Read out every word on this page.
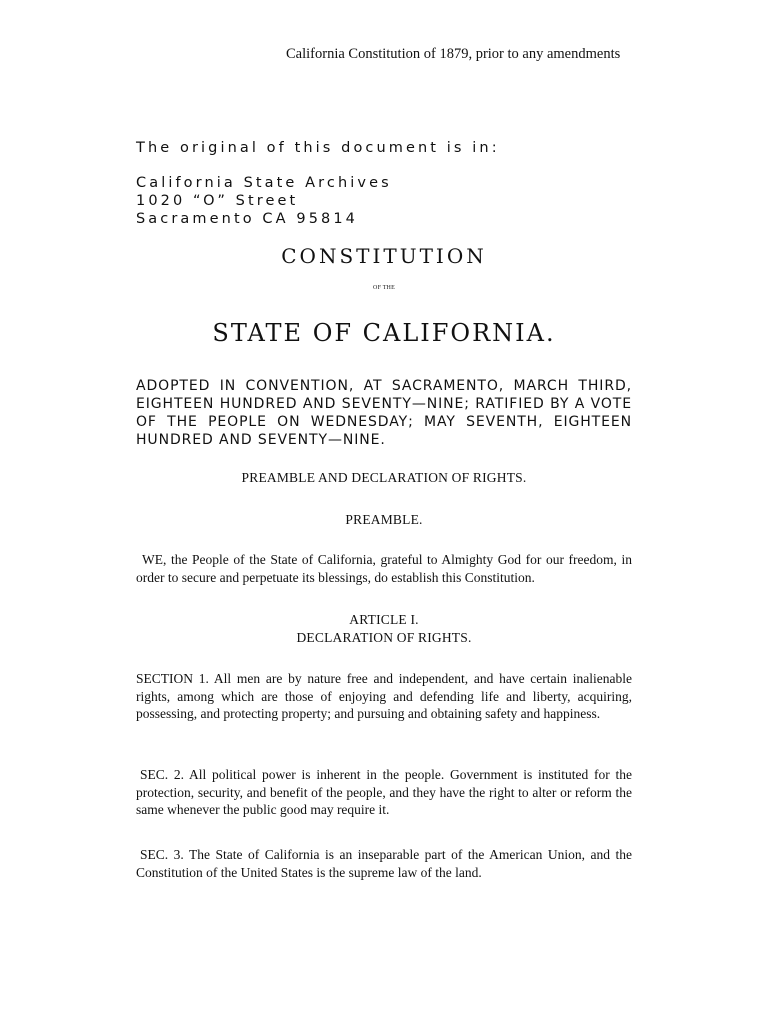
California Constitution of 1879, prior to any amendments
The original of this document is in:
California State Archives
1020 “O” Street
Sacramento CA 95814
CONSTITUTION
OF THE
STATE OF CALIFORNIA.
ADOPTED IN CONVENTION, AT SACRAMENTO, MARCH THIRD, EIGHTEEN HUNDRED AND SEVENTY—NINE; RATIFIED BY A VOTE OF THE PEOPLE ON WEDNESDAY; MAY SEVENTH, EIGHTEEN HUNDRED AND SEVENTY—NINE.
PREAMBLE AND DECLARATION OF RIGHTS.
PREAMBLE.
WE, the People of the State of California, grateful to Almighty God for our freedom, in order to secure and perpetuate its blessings, do establish this Constitution.
ARTICLE I.
DECLARATION OF RIGHTS.
SECTION 1. All men are by nature free and independent, and have certain inalienable rights, among which are those of enjoying and defending life and liberty, acquiring, possessing, and protecting property; and pursuing and obtaining safety and happiness.
SEC. 2. All political power is inherent in the people. Government is instituted for the protection, security, and benefit of the people, and they have the right to alter or reform the same whenever the public good may require it.
SEC. 3. The State of California is an inseparable part of the American Union, and the Constitution of the United States is the supreme law of the land.
